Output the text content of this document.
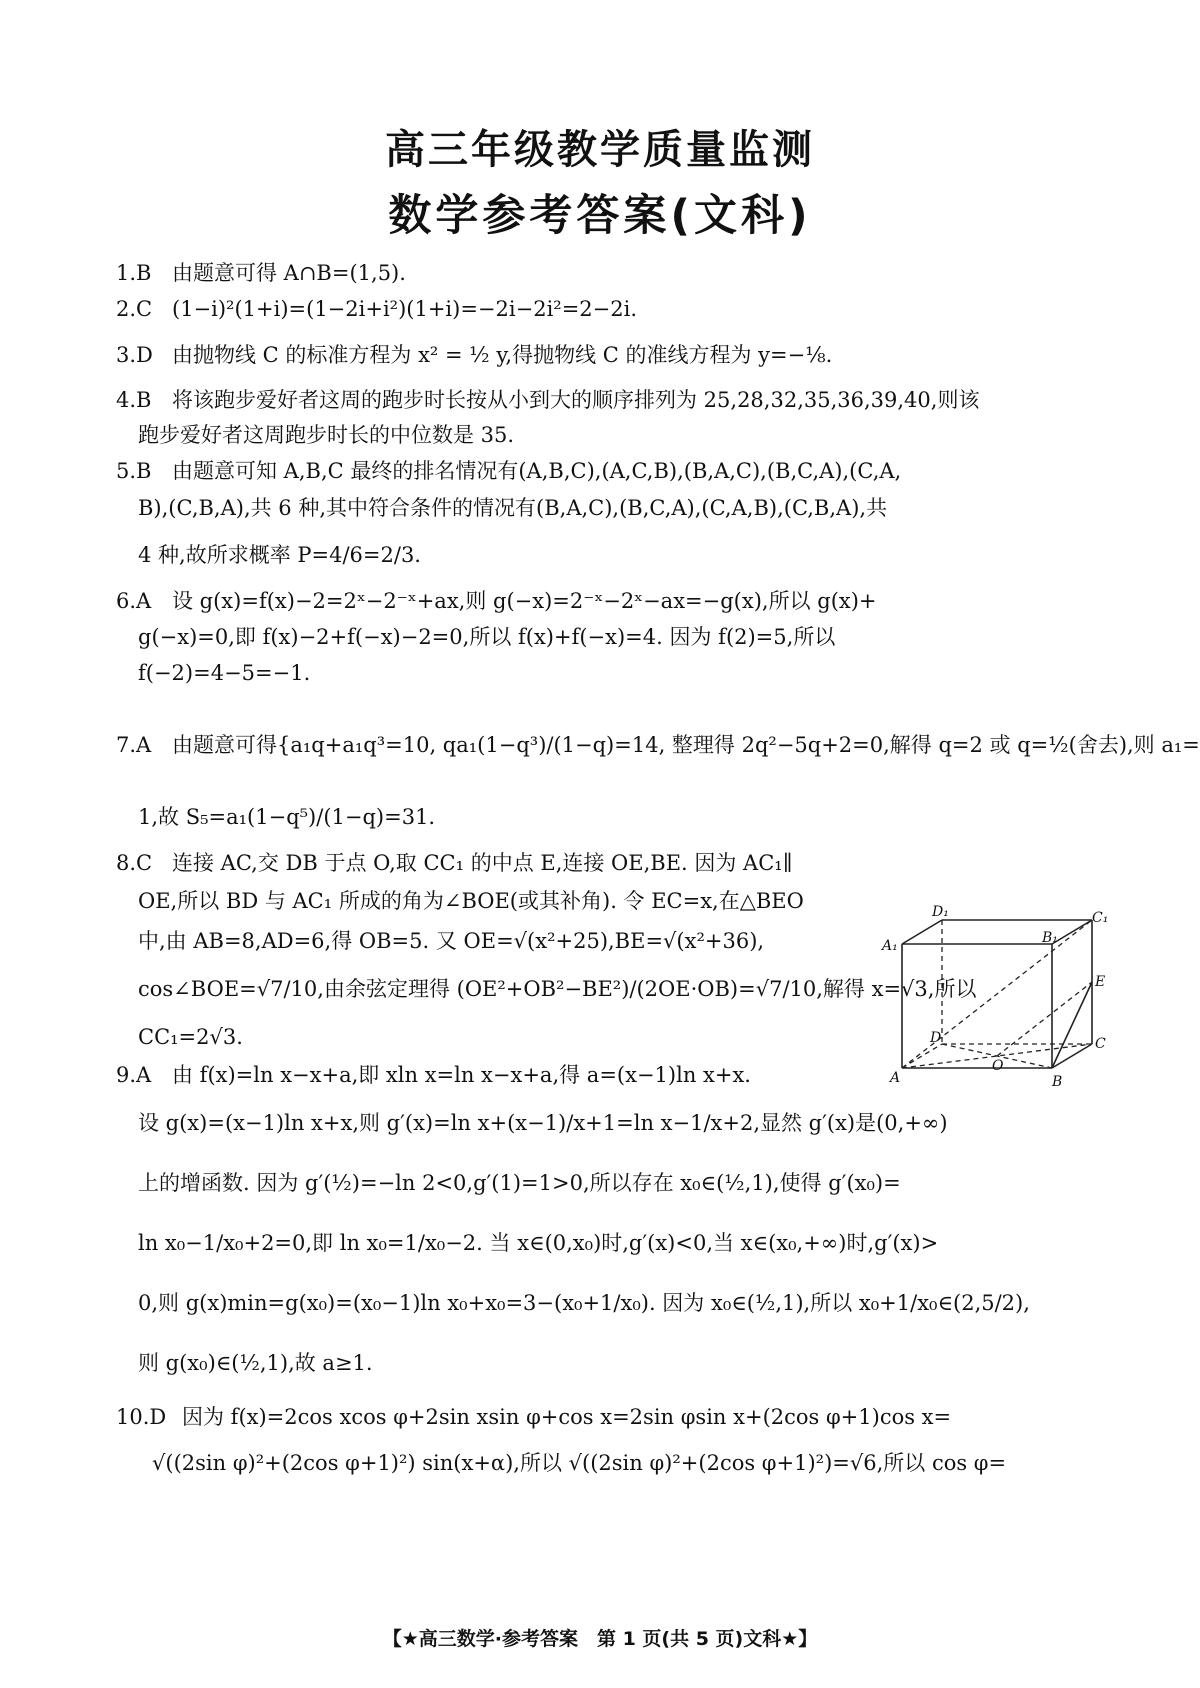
高三年级教学质量监测
数学参考答案(文科)
1.B 由题意可得 A∩B=(1,5).
2.C (1−i)²(1+i)=(1−2i+i²)(1+i)=−2i−2i²=2−2i.
3.D 由抛物线 C 的标准方程为 x² = ½ y,得抛物线 C 的准线方程为 y=−⅛.
4.B 将该跑步爱好者这周的跑步时长按从小到大的顺序排列为 25,28,32,35,36,39,40,则该
跑步爱好者这周跑步时长的中位数是 35.
5.B 由题意可知 A,B,C 最终的排名情况有(A,B,C),(A,C,B),(B,A,C),(B,C,A),(C,A,
B),(C,B,A),共 6 种,其中符合条件的情况有(B,A,C),(B,C,A),(C,A,B),(C,B,A),共
4 种,故所求概率 P=4/6=2/3.
6.A 设 g(x)=f(x)−2=2ˣ−2⁻ˣ+ax,则 g(−x)=2⁻ˣ−2ˣ−ax=−g(x),所以 g(x)+
g(−x)=0,即 f(x)−2+f(−x)−2=0,所以 f(x)+f(−x)=4. 因为 f(2)=5,所以
f(−2)=4−5=−1.
7.A 由题意可得{a₁q+a₁q³=10, qa₁(1−q³)/(1−q)=14, 整理得 2q²−5q+2=0,解得 q=2 或 q=½(舍去),则 a₁=
1,故 S₅=a₁(1−q⁵)/(1−q)=31.
8.C 连接 AC,交 DB 于点 O,取 CC₁ 的中点 E,连接 OE,BE. 因为 AC₁∥
OE,所以 BD 与 AC₁ 所成的角为∠BOE(或其补角). 令 EC=x,在△BEO
中,由 AB=8,AD=6,得 OB=5. 又 OE=√(x²+25),BE=√(x²+36),
cos∠BOE=√7/10,由余弦定理得 (OE²+OB²−BE²)/(2OE·OB)=√7/10,解得 x=√3,所以
CC₁=2√3.
D₁	C₁
A₁	B₁
E
D	C
O
A	B
9.A 由 f(x)=ln x−x+a,即 xln x=ln x−x+a,得 a=(x−1)ln x+x.
设 g(x)=(x−1)ln x+x,则 g′(x)=ln x+(x−1)/x+1=ln x−1/x+2,显然 g′(x)是(0,+∞)
上的增函数. 因为 g′(½)=−ln 2<0,g′(1)=1>0,所以存在 x₀∈(½,1),使得 g′(x₀)=
ln x₀−1/x₀+2=0,即 ln x₀=1/x₀−2. 当 x∈(0,x₀)时,g′(x)<0,当 x∈(x₀,+∞)时,g′(x)>
0,则 g(x)min=g(x₀)=(x₀−1)ln x₀+x₀=3−(x₀+1/x₀). 因为 x₀∈(½,1),所以 x₀+1/x₀∈(2,5/2),
则 g(x₀)∈(½,1),故 a≥1.
10.D 因为 f(x)=2cos xcos φ+2sin xsin φ+cos x=2sin φsin x+(2cos φ+1)cos x=
√((2sin φ)²+(2cos φ+1)²) sin(x+α),所以 √((2sin φ)²+(2cos φ+1)²)=√6,所以 cos φ=
【★高三数学·参考答案　第 1 页(共 5 页)文科★】
